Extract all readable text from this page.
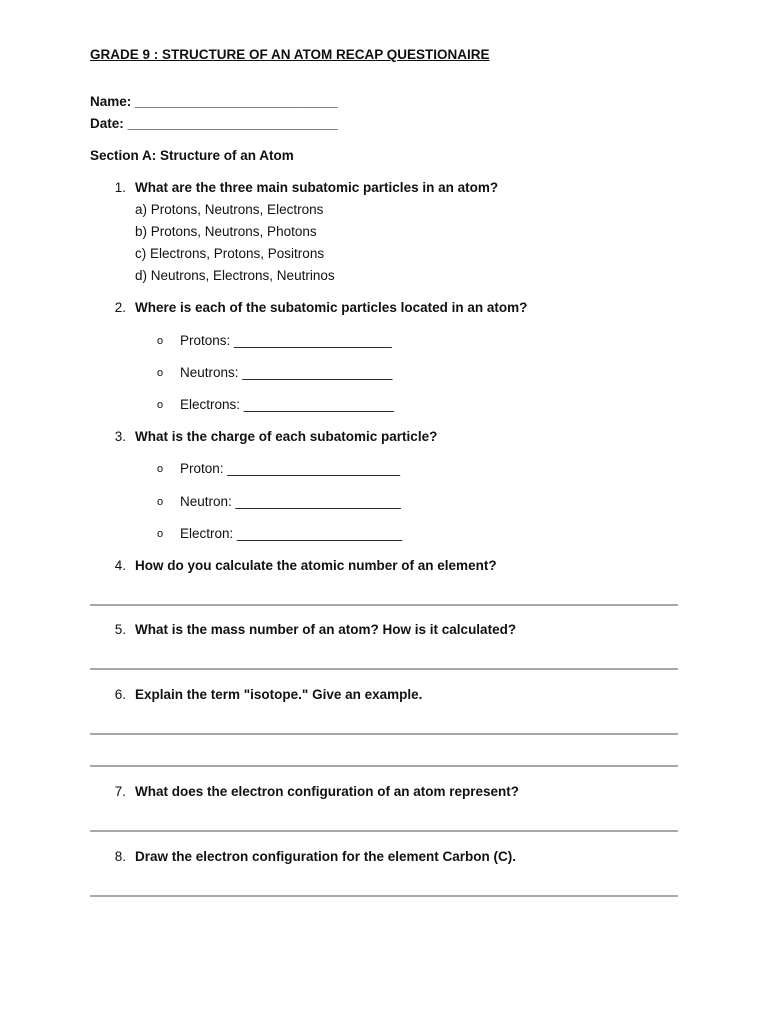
GRADE 9 : STRUCTURE OF AN ATOM RECAP QUESTIONAIRE
Name: ___________________________
Date: ____________________________
Section A: Structure of an Atom
1. What are the three main subatomic particles in an atom?
a) Protons, Neutrons, Electrons
b) Protons, Neutrons, Photons
c) Electrons, Protons, Positrons
d) Neutrons, Electrons, Neutrinos
2. Where is each of the subatomic particles located in an atom?
o Protons: _____________________
o Neutrons: ____________________
o Electrons: ____________________
3. What is the charge of each subatomic particle?
o Proton: _______________________
o Neutron: ______________________
o Electron: ______________________
4. How do you calculate the atomic number of an element?
5. What is the mass number of an atom? How is it calculated?
6. Explain the term "isotope." Give an example.
7. What does the electron configuration of an atom represent?
8. Draw the electron configuration for the element Carbon (C).
